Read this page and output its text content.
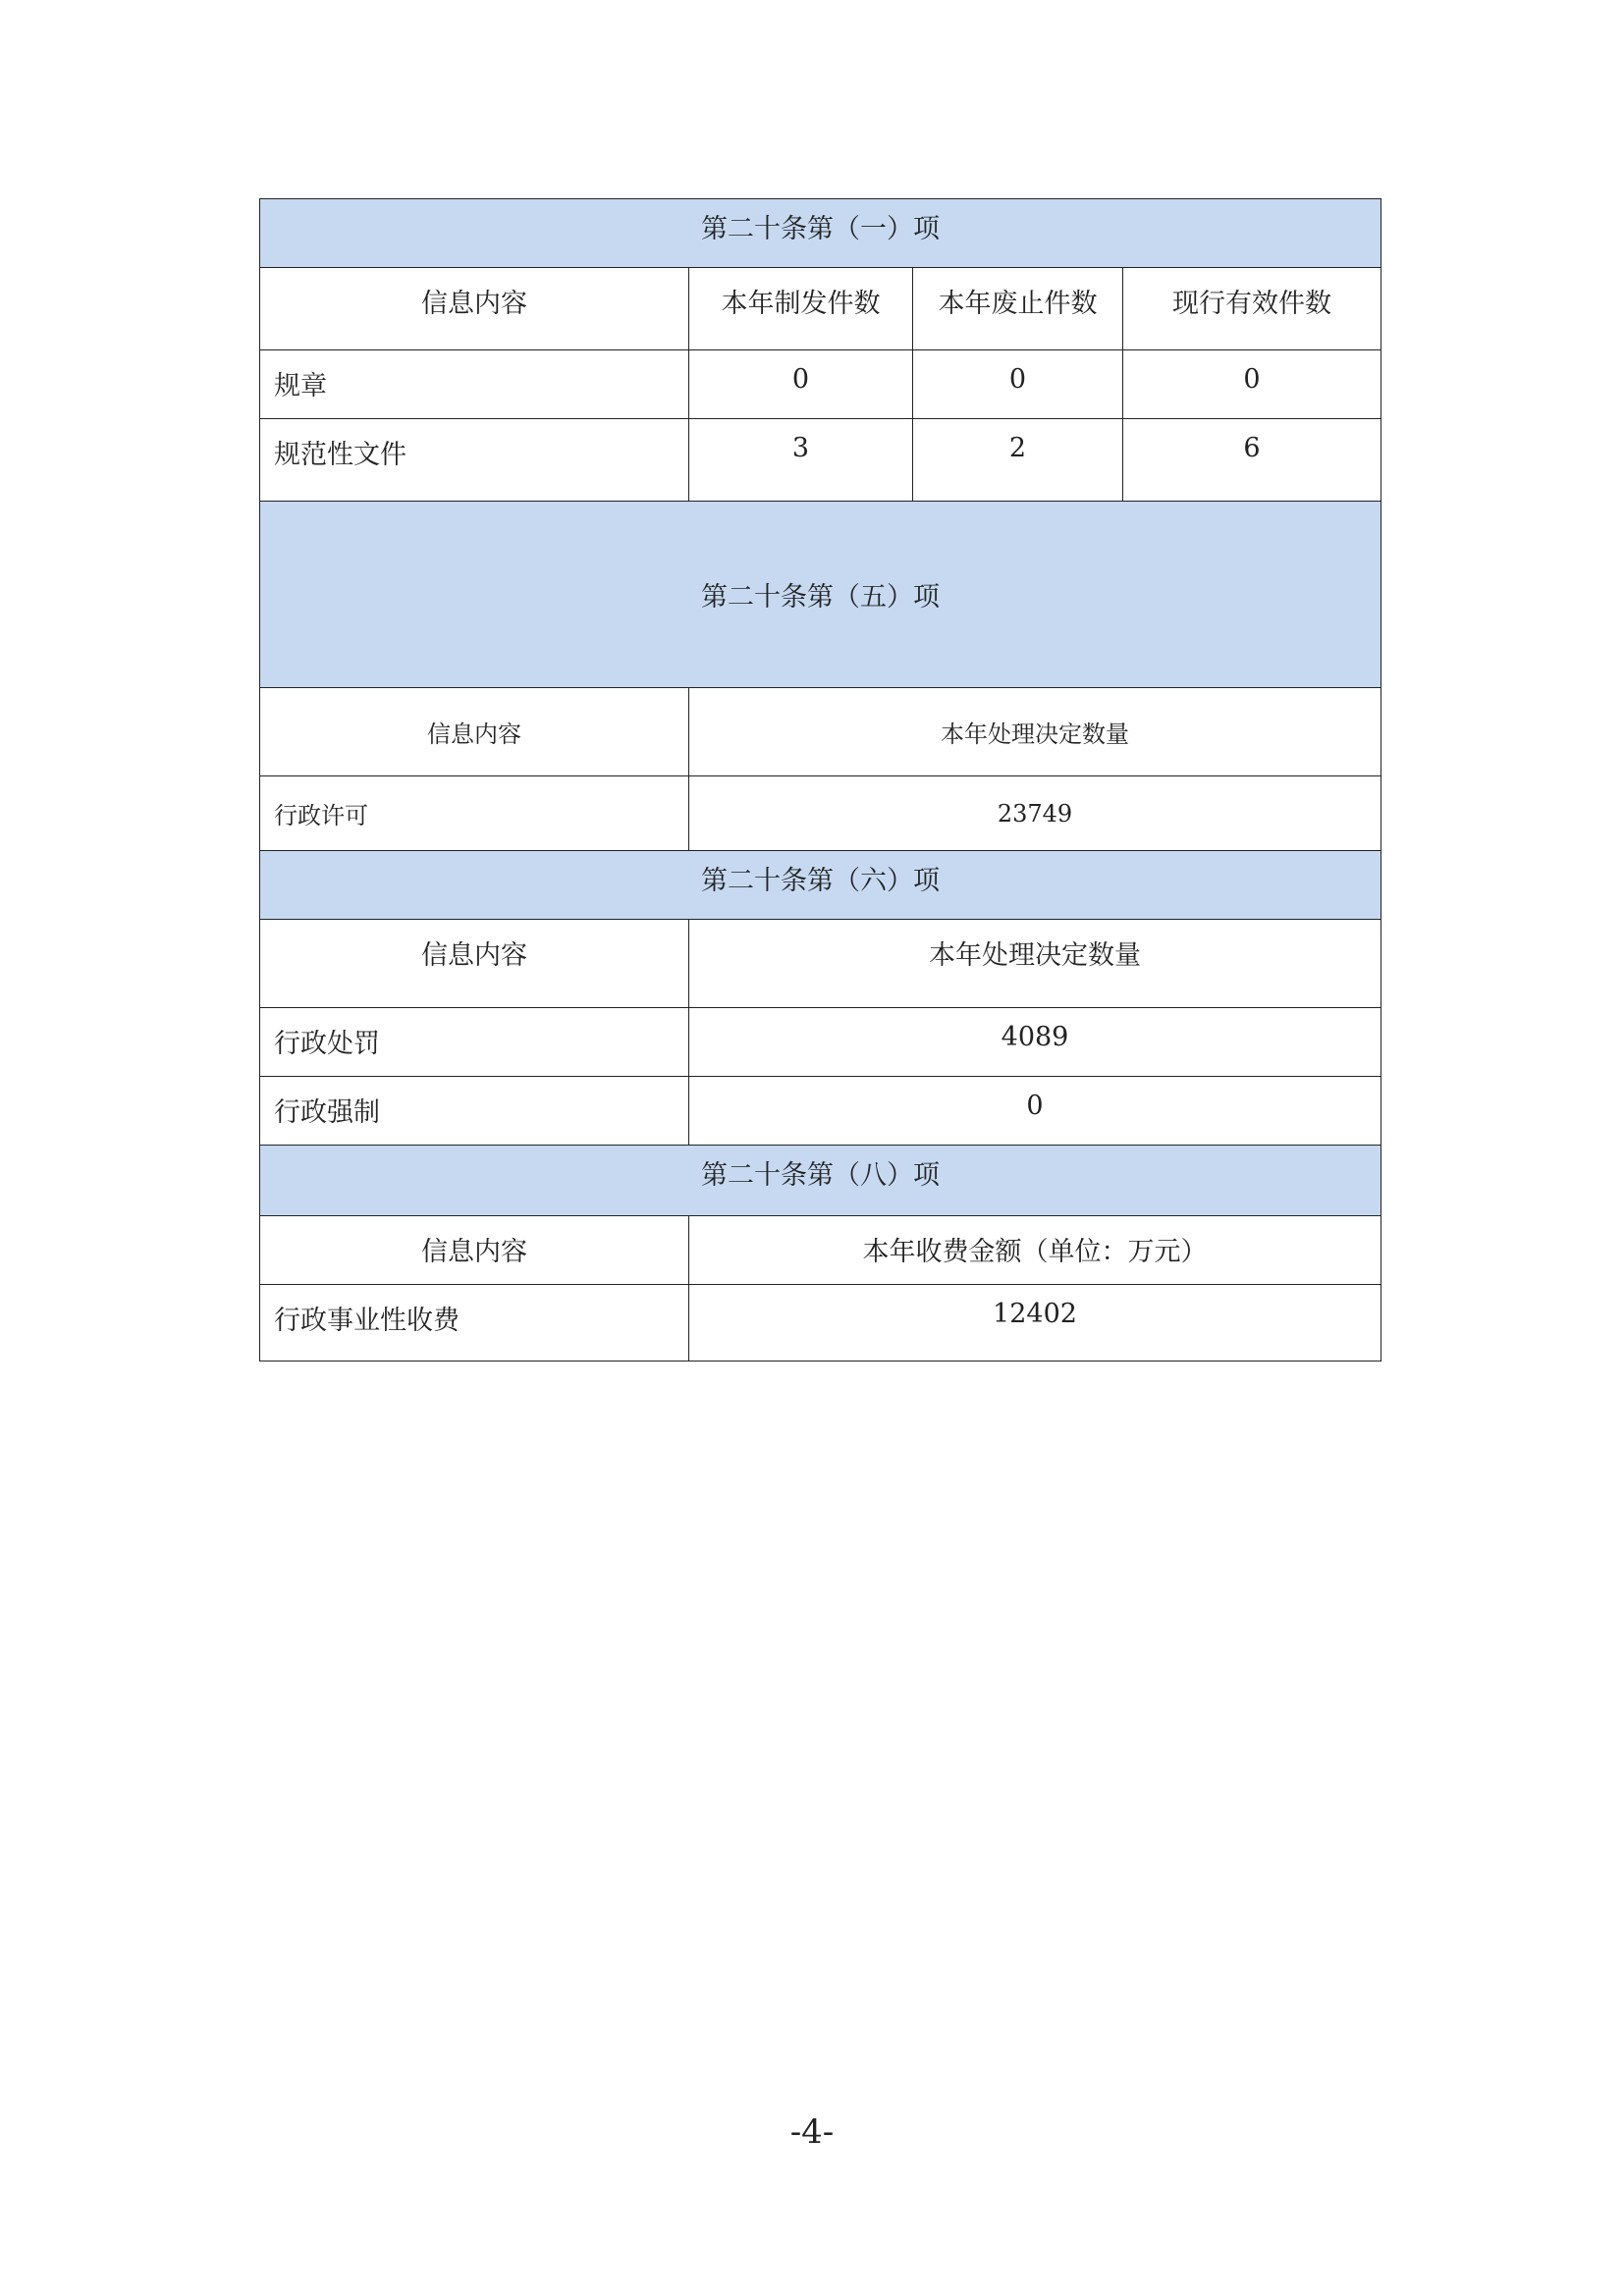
第二十条第（一）项			
信息内容	本年制发件数	本年废止件数	现行有效件数
规章	0	0	0
规范性文件	3	2	6
第二十条第（五）项			
信息内容	本年处理决定数量		
行政许可	23749		
第二十条第（六）项			
信息内容	本年处理决定数量		
行政处罚	4089		
行政强制	0		
第二十条第（八）项			
信息内容	本年收费金额（单位：万元）		
行政事业性收费	12402		
-4-
